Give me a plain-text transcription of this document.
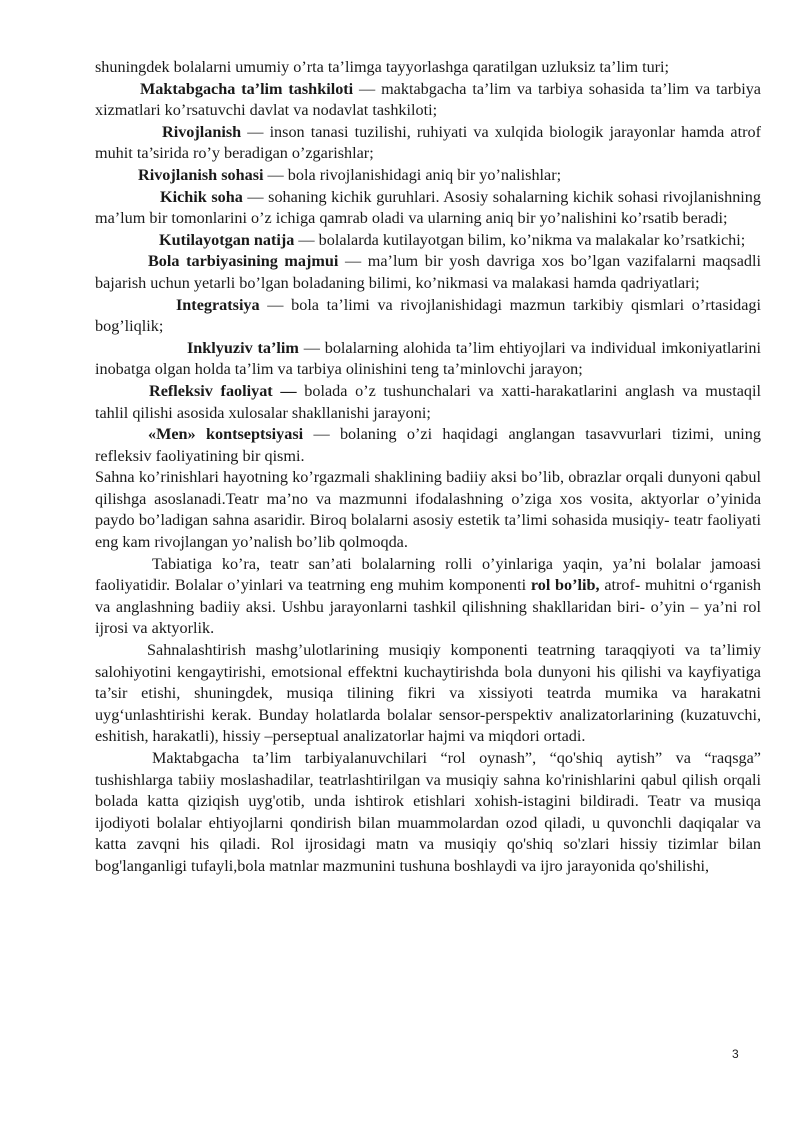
shuningdek bolalarni umumiy o’rta ta’limga tayyorlashga qaratilgan uzluksiz ta’lim turi;

Maktabgacha ta’lim tashkiloti — maktabgacha ta’lim va tarbiya sohasida ta’lim va tarbiya xizmatlari ko’rsatuvchi davlat va nodavlat tashkiloti;

Rivojlanish — inson tanasi tuzilishi, ruhiyati va xulqida biologik jarayonlar hamda atrof muhit ta’sirida ro’y beradigan o’zgarishlar;

Rivojlanish sohasi — bola rivojlanishidagi aniq bir yo’nalishlar;

Kichik soha — sohaning kichik guruhlari. Asosiy sohalarning kichik sohasi rivojlanishning ma’lum bir tomonlarini o’z ichiga qamrab oladi va ularning aniq bir yo’nalishini ko’rsatib beradi;

Kutilayotgan natija — bolalarda kutilayotgan bilim, ko’nikma va malakalar ko’rsatkichi;

Bola tarbiyasining majmui — ma’lum bir yosh davriga xos bo’lgan vazifalarni maqsadli bajarish uchun yetarli bo’lgan boladaning bilimi, ko’nikmasi va malakasi hamda qadriyatlari;

Integratsiya — bola ta’limi va rivojlanishidagi mazmun tarkibiy qismlari o’rtasidagi bog’liqlik;

Inklyuziv ta’lim — bolalarning alohida ta’lim ehtiyojlari va individual imkoniyatlarini inobatga olgan holda ta’lim va tarbiya olinishini teng ta’minlovchi jarayon;

Refleksiv faoliyat — bolada o’z tushunchalari va xatti-harakatlarini anglash va mustaqil tahlil qilishi asosida xulosalar shakllanishi jarayoni;

«Men» kontseptsiyasi — bolaning o’zi haqidagi anglangan tasavvurlari tizimi, uning refleksiv faoliyatining bir qismi.

Sahna ko’rinishlari hayotning ko’rgazmali shaklining badiiy aksi bo’lib, obrazlar orqali dunyoni qabul qilishga asoslanadi.Teatr ma’no va mazmunni ifodalashning o’ziga xos vosita, aktyorlar o’yinida paydo bo’ladigan sahna asaridir. Biroq bolalarni asosiy estetik ta’limi sohasida musiqiy- teatr faoliyati eng kam rivojlangan yo’nalish bo’lib qolmoqda.

Tabiatiga ko’ra, teatr san’ati bolalarning rolli o’yinlariga yaqin, ya’ni bolalar jamoasi faoliyatidir. Bolalar o’yinlari va teatrning eng muhim komponenti rol bo’lib, atrof- muhitni o‘rganish va anglashning badiiy aksi. Ushbu jarayonlarni tashkil qilishning shakllaridan biri- o’yin – ya’ni rol ijrosi va aktyorlik.

Sahnalashtirish mashg’ulotlarining musiqiy komponenti teatrning taraqqiyoti va ta’limiy salohiyotini kengaytirishi, emotsional effektni kuchaytirishda bola dunyoni his qilishi va kayfiyatiga ta’sir etishi, shuningdek, musiqa tilining fikri va xissiyoti teatrda mumika va harakatni uyg‘unlashtirishi kerak. Bunday holatlarda bolalar sensor-perspektiv analizatorlarining (kuzatuvchi, eshitish, harakatli), hissiy –perseptual analizatorlar hajmi va miqdori ortadi.

Maktabgacha ta’lim tarbiyalanuvchilari “rol oynash”, “qo'shiq aytish” va “raqsga” tushishlarga tabiiy moslashadilar, teatrlashtirilgan va musiqiy sahna ko'rinishlarini qabul qilish orqali bolada katta qiziqish uyg'otib, unda ishtirok etishlari xohish-istagini bildiradi. Teatr va musiqa ijodiyoti bolalar ehtiyojlarni qondirish bilan muammolardan ozod qiladi, u quvonchli daqiqalar va katta zavqni his qiladi. Rol ijrosidagi matn va musiqiy qo'shiq so'zlari hissiy tizimlar bilan bog'langanligi tufayli,bola matnlar mazmunini tushuna boshlaydi va ijro jarayonida qo'shilishi,

3
